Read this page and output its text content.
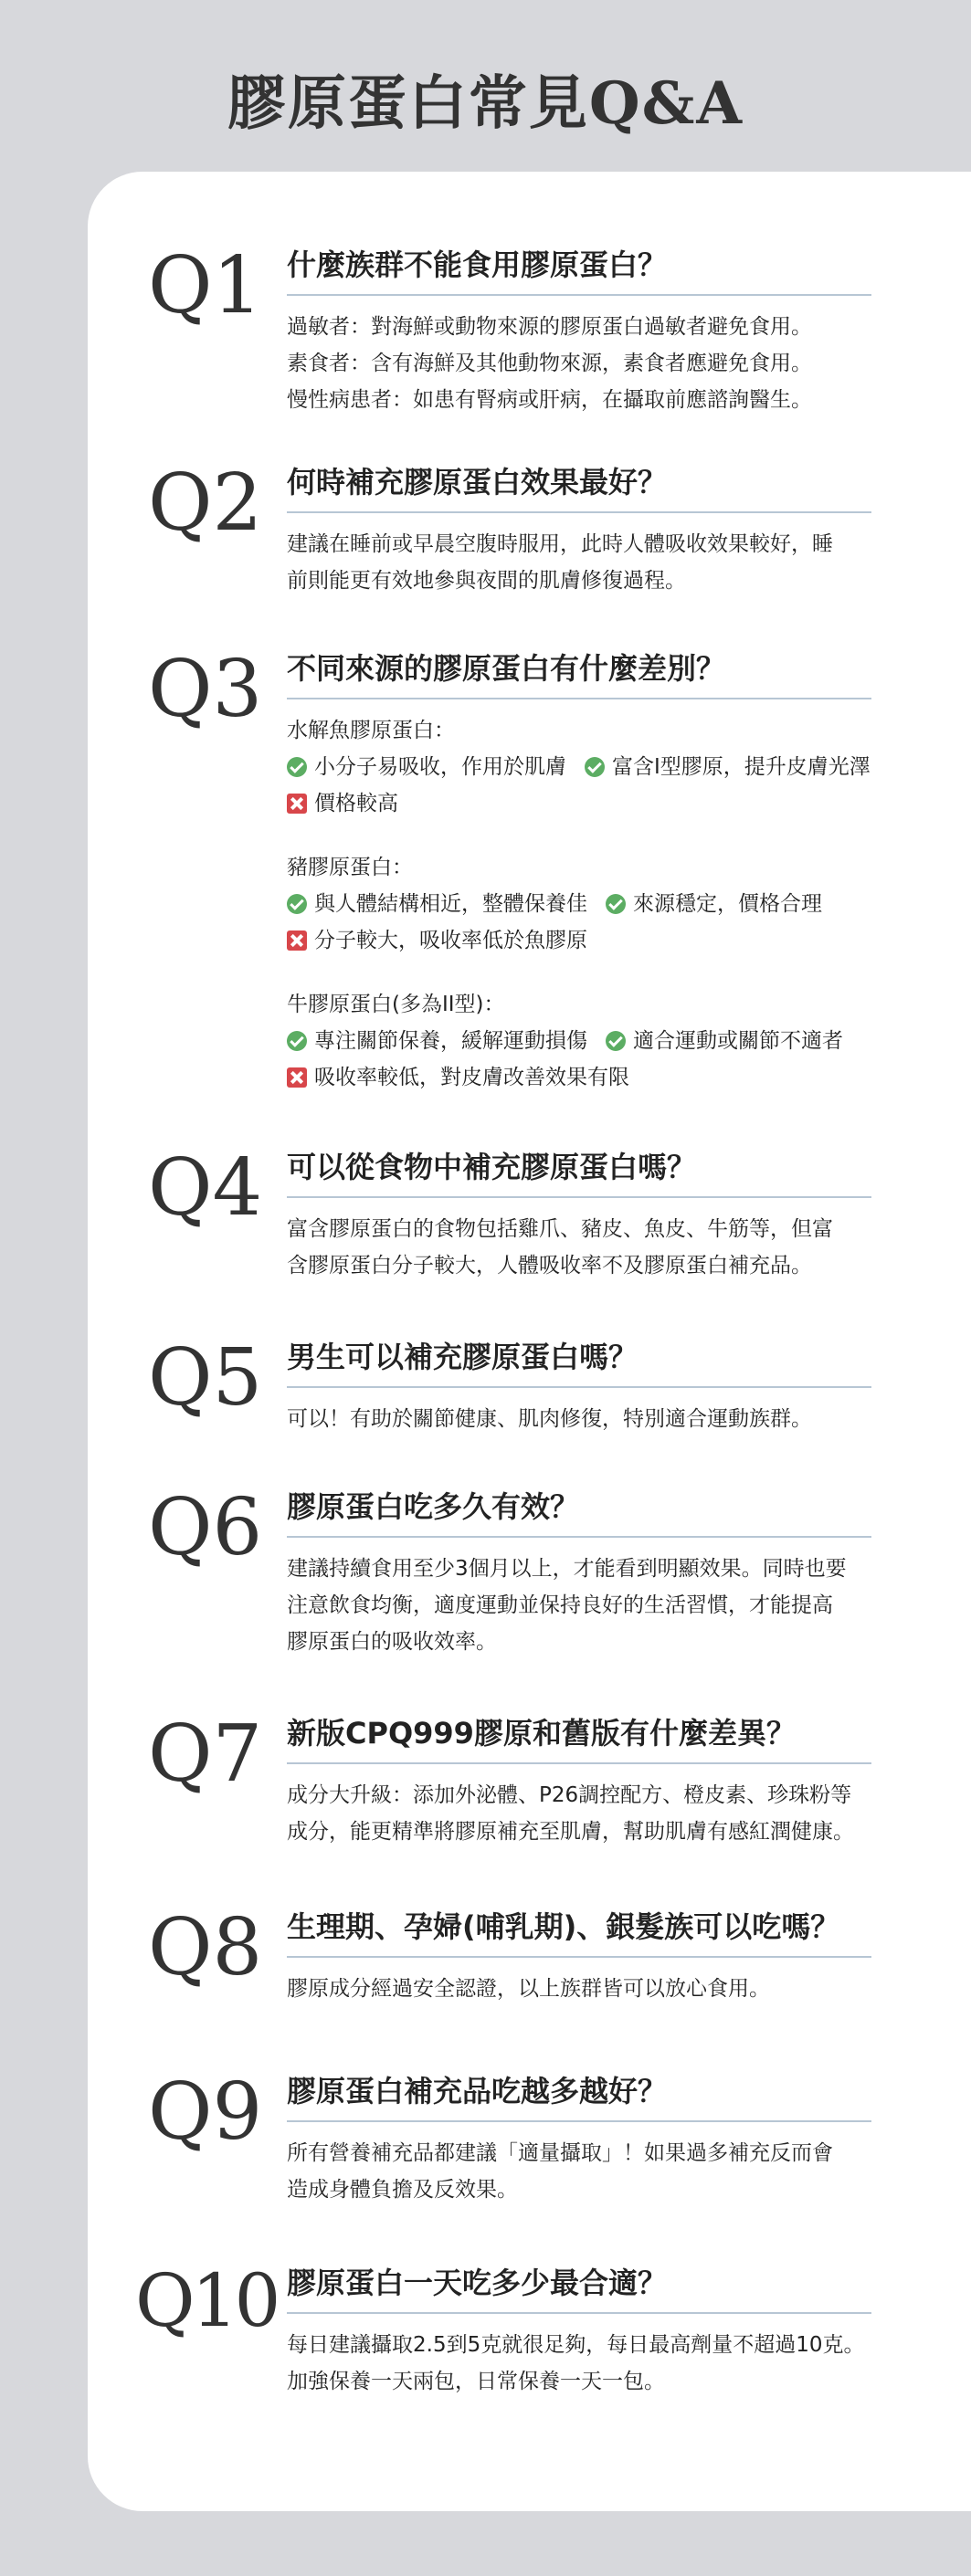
膠原蛋白常見Q&A
Q1 什麼族群不能食用膠原蛋白？

過敏者：對海鮮或動物來源的膠原蛋白過敏者避免食用。

素食者：含有海鮮及其他動物來源，素食者應避免食用。

慢性病患者：如患有腎病或肝病，在攝取前應諮詢醫生。

Q2 何時補充膠原蛋白效果最好？

建議在睡前或早晨空腹時服用，此時人體吸收效果較好，睡

前則能更有效地參與夜間的肌膚修復過程。

Q3 不同來源的膠原蛋白有什麼差別？

水解魚膠原蛋白：

小分子易吸收，作用於肌膚 富含I型膠原，提升皮膚光澤
價格較高

豬膠原蛋白：

與人體結構相近，整體保養佳 來源穩定，價格合理
分子較大，吸收率低於魚膠原

牛膠原蛋白(多為II型)：

專注關節保養，緩解運動損傷 適合運動或關節不適者
吸收率較低，對皮膚改善效果有限
Q4 可以從食物中補充膠原蛋白嗎？

富含膠原蛋白的食物包括雞爪、豬皮、魚皮、牛筋等，但富

含膠原蛋白分子較大，人體吸收率不及膠原蛋白補充品。

Q5 男生可以補充膠原蛋白嗎？

可以！有助於關節健康、肌肉修復，特別適合運動族群。

Q6 膠原蛋白吃多久有效？

建議持續食用至少3個月以上，才能看到明顯效果。同時也要

注意飲食均衡，適度運動並保持良好的生活習慣，才能提高

膠原蛋白的吸收效率。

Q7 新版CPQ999膠原和舊版有什麼差異？

成分大升級：添加外泌體、P26調控配方、橙皮素、珍珠粉等

成分，能更精準將膠原補充至肌膚，幫助肌膚有感紅潤健康。

Q8 生理期、孕婦(哺乳期)、銀髮族可以吃嗎？

膠原成分經過安全認證，以上族群皆可以放心食用。

Q9 膠原蛋白補充品吃越多越好？

所有營養補充品都建議「適量攝取」！如果過多補充反而會

造成身體負擔及反效果。

Q10 膠原蛋白一天吃多少最合適？

每日建議攝取2.5到5克就很足夠，每日最高劑量不超過10克。

加強保養一天兩包，日常保養一天一包。
